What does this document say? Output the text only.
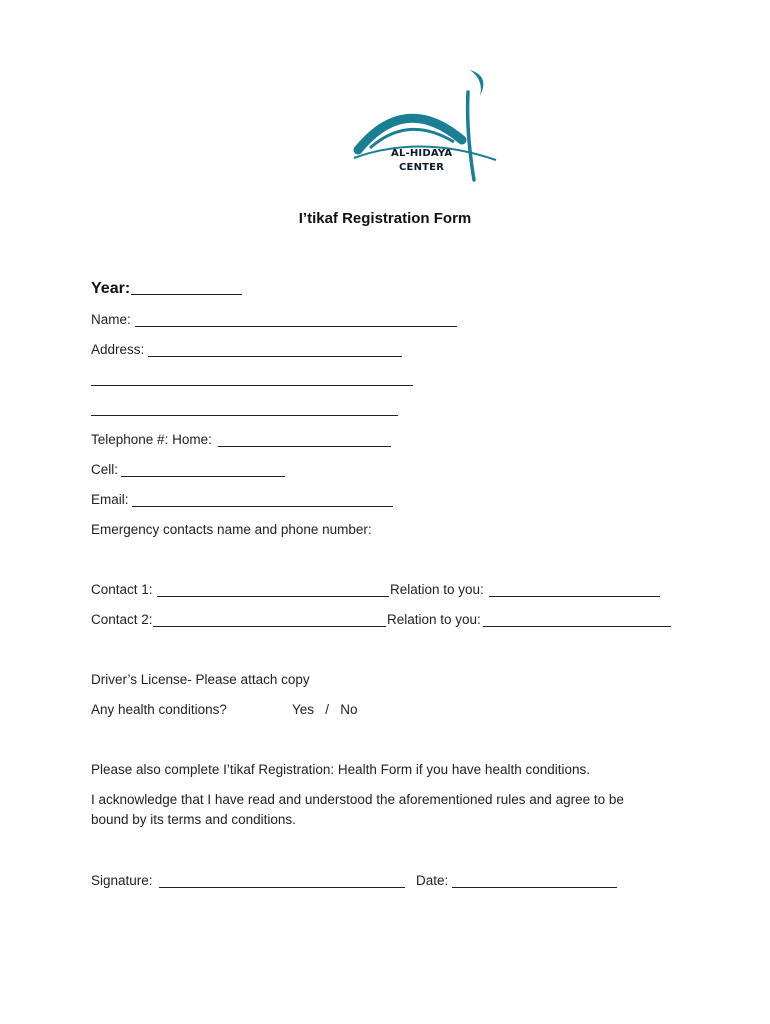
AL-HIDAYA
CENTER
I’tikaf Registration Form
Year:
Name:
Address:
Telephone #: Home:
Cell:
Email:
Emergency contacts name and phone number:
Contact 1:	Relation to you:
Contact 2:	Relation to you:
Driver’s License- Please attach copy
Any health conditions?	Yes   /   No
Please also complete I’tikaf Registration: Health Form if you have health conditions.
I acknowledge that I have read and understood the aforementioned rules and agree to be
bound by its terms and conditions.
Signature:	Date:
